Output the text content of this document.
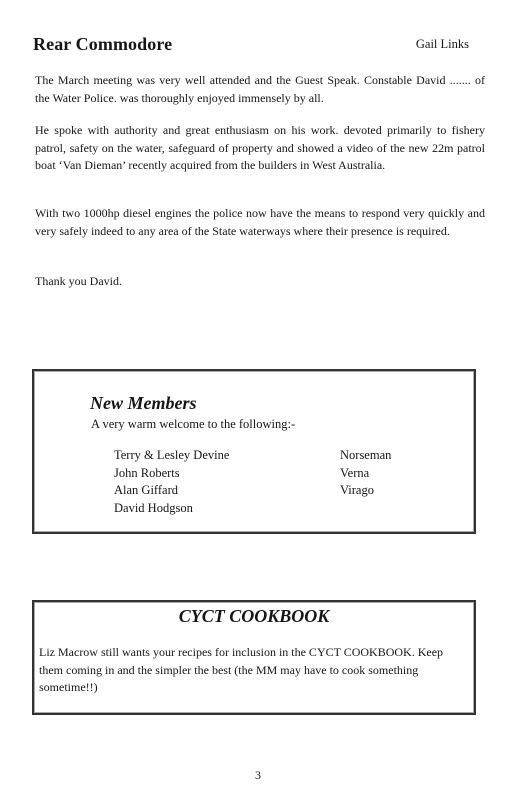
Rear Commodore	Gail Links

The March meeting was very well attended and the Guest Speak. Constable David ....... of the Water Police. was thoroughly enjoyed immensely by all.

He spoke with authority and great enthusiasm on his work. devoted primarily to fishery patrol, safety on the water, safeguard of property and showed a video of the new 22m patrol boat ‘Van Dieman’ recently acquired from the builders in West Australia.

With two 1000hp diesel engines the police now have the means to respond very quickly and very safely indeed to any area of the State waterways where their presence is required.

Thank you David.

New Members
A very warm welcome to the following:-
Terry & Lesley Devine
John Roberts
Alan Giffard
David Hodgson
Norseman
Verna
Virago
CYCT COOKBOOK

Liz Macrow still wants your recipes for inclusion in the CYCT COOKBOOK. Keep them coming in and the simpler the best (the MM may have to cook something sometime!!)

3
